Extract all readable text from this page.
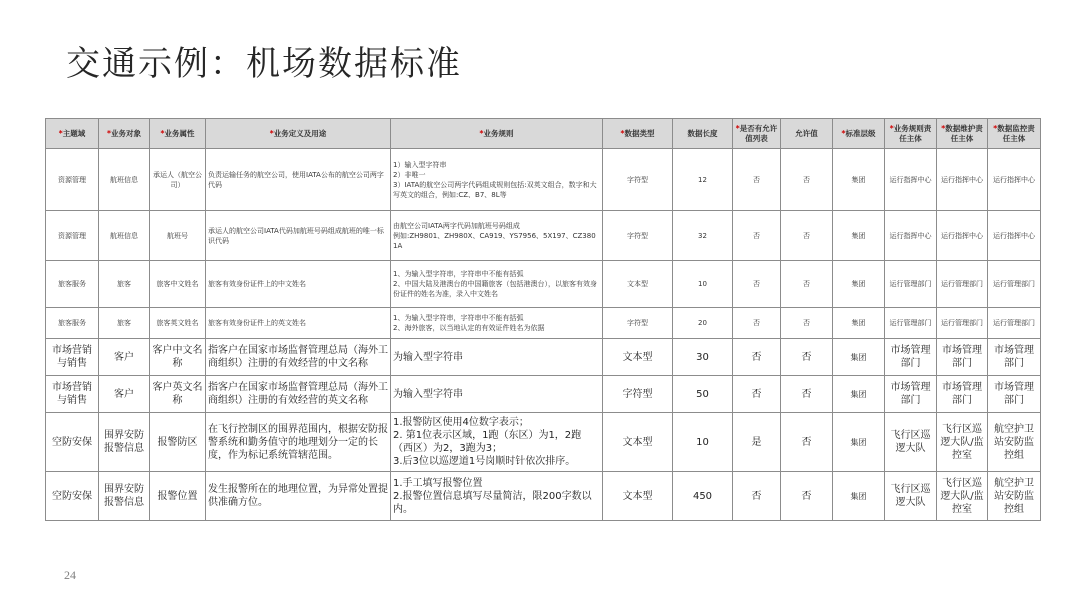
交通示例：机场数据标准
*主题域	*业务对象	*业务属性	*业务定义及用途	*业务规则	*数据类型	数据长度	*是否有允许值列表	允许值	*标准层级	*业务规则责任主体	*数据维护责任主体	*数据监控责任主体
资源管理	航班信息	承运人（航空公司）	负责运输任务的航空公司，使用IATA公布的航空公司两字代码	1）输入型字符串
2）非唯一
3）IATA的航空公司两字代码组成规则包括:双英文组合，数字和大写英文的组合，例如:CZ、B7、8L等	字符型	12	否	否	集团	运行指挥中心	运行指挥中心	运行指挥中心
资源管理	航班信息	航班号	承运人的航空公司IATA代码加航班号码组成航班的唯一标识代码	由航空公司IATA两字代码加航班号码组成
例如:ZH9801、ZH980X、CA919、YS7956、5X197、CZ3801A	字符型	32	否	否	集团	运行指挥中心	运行指挥中心	运行指挥中心
旅客服务	旅客	旅客中文姓名	旅客有效身份证件上的中文姓名	1、为输入型字符串，字符串中不能有括弧
2、中国大陆及港澳台的中国籍旅客（包括港澳台），以旅客有效身份证件的姓名为准，录入中文姓名	文本型	10	否	否	集团	运行管理部门	运行管理部门	运行管理部门
旅客服务	旅客	旅客英文姓名	旅客有效身份证件上的英文姓名	1、为输入型字符串，字符串中不能有括弧
2、海外旅客，以当地认定的有效证件姓名为依据	字符型	20	否	否	集团	运行管理部门	运行管理部门	运行管理部门
市场营销与销售	客户	客户中文名称	指客户在国家市场监督管理总局（海外工商组织）注册的有效经营的中文名称	为输入型字符串	文本型	30	否	否	集团	市场管理部门	市场管理部门	市场管理部门
市场营销与销售	客户	客户英文名称	指客户在国家市场监督管理总局（海外工商组织）注册的有效经营的英文名称	为输入型字符串	字符型	50	否	否	集团	市场管理部门	市场管理部门	市场管理部门
空防安保	围界安防报警信息	报警防区	在飞行控制区的围界范围内，根据安防报警系统和勤务值守的地理划分一定的长度，作为标记系统管辖范围。	1.报警防区使用4位数字表示；
2. 第1位表示区域，1跑（东区）为1，2跑（西区）为2，3跑为3；
3.后3位以巡逻道1号岗顺时针依次排序。	文本型	10	是	否	集团	飞行区巡逻大队	飞行区巡逻大队/监控室	航空护卫站安防监控组
空防安保	围界安防报警信息	报警位置	发生报警所在的地理位置，为异常处置提供准确方位。	1.手工填写报警位置
2.报警位置信息填写尽量简洁，限200字数以内。	文本型	450	否	否	集团	飞行区巡逻大队	飞行区巡逻大队/监控室	航空护卫站安防监控组
24
